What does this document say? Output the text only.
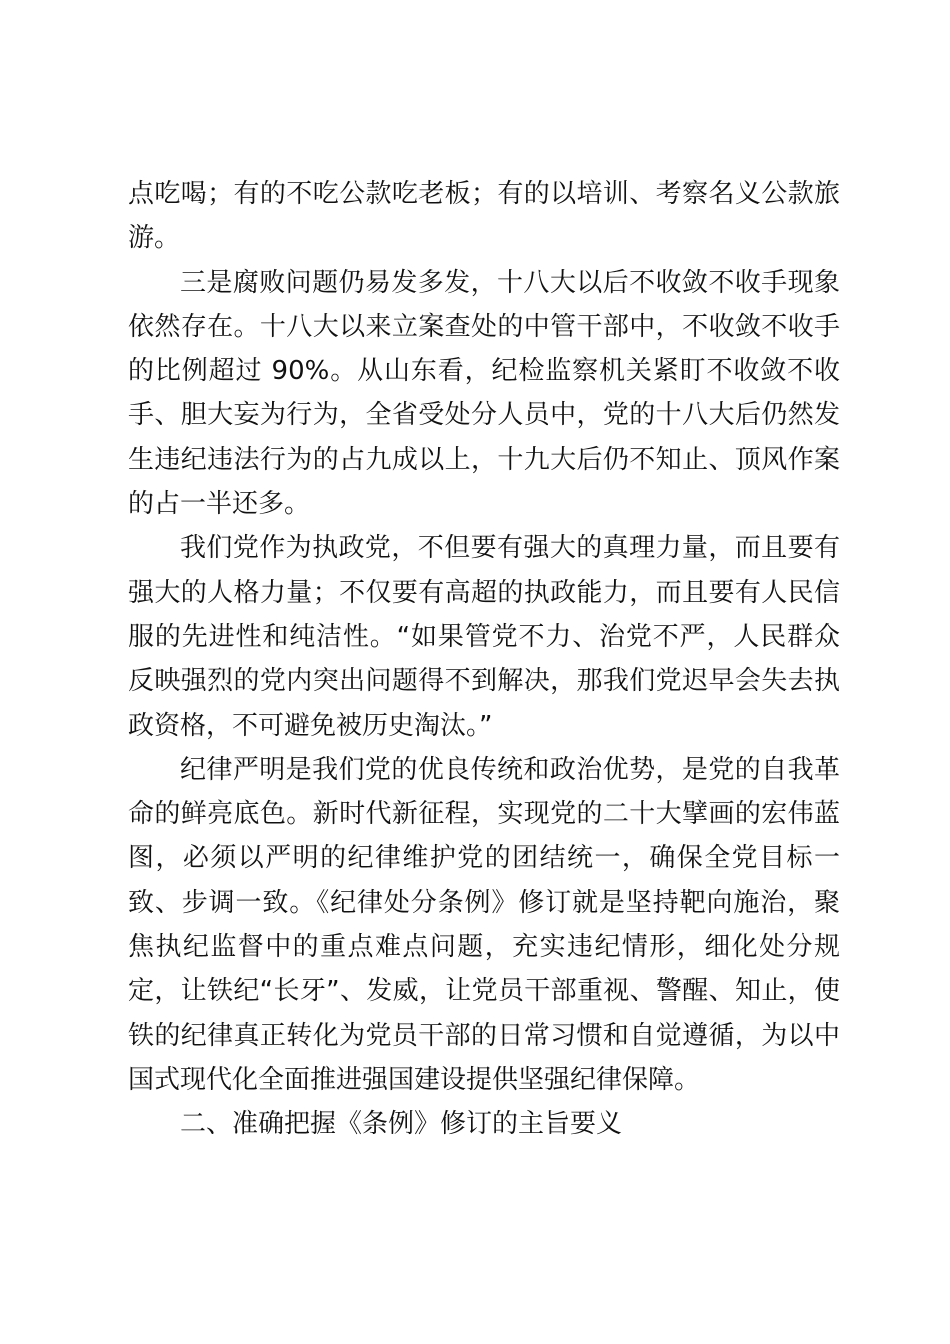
点吃喝；有的不吃公款吃老板；有的以培训、考察名义公款旅游。

三是腐败问题仍易发多发，十八大以后不收敛不收手现象依然存在。十八大以来立案查处的中管干部中，不收敛不收手的比例超过 90%。从山东看，纪检监察机关紧盯不收敛不收手、胆大妄为行为，全省受处分人员中，党的十八大后仍然发生违纪违法行为的占九成以上，十九大后仍不知止、顶风作案的占一半还多。

我们党作为执政党，不但要有强大的真理力量，而且要有强大的人格力量；不仅要有高超的执政能力，而且要有人民信服的先进性和纯洁性。“如果管党不力、治党不严，人民群众反映强烈的党内突出问题得不到解决，那我们党迟早会失去执政资格，不可避免被历史淘汰。”

纪律严明是我们党的优良传统和政治优势，是党的自我革命的鲜亮底色。新时代新征程，实现党的二十大擘画的宏伟蓝图，必须以严明的纪律维护党的团结统一，确保全党目标一致、步调一致。《纪律处分条例》修订就是坚持靶向施治，聚焦执纪监督中的重点难点问题，充实违纪情形，细化处分规定，让铁纪“长牙”、发威，让党员干部重视、警醒、知止，使铁的纪律真正转化为党员干部的日常习惯和自觉遵循，为以中国式现代化全面推进强国建设提供坚强纪律保障。

二、准确把握《条例》修订的主旨要义
